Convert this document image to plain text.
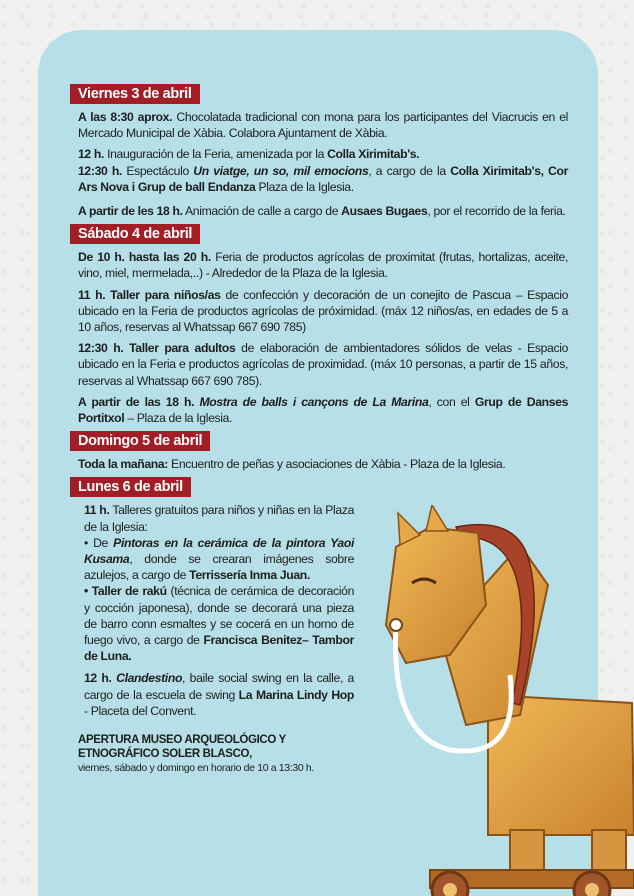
Viernes 3 de abril

A las 8:30 aprox. Chocolatada tradicional con mona para los participantes del Viacrucis en el Mercado Municipal de Xàbia. Colabora Ajuntament de Xàbia.

12 h. Inauguración de la Feria, amenizada por la Colla Xirimitab's.

12:30 h. Espectáculo Un viatge, un so, mil emocions, a cargo de la Colla Xirimitab's, Cor Ars Nova i Grup de ball Endanza Plaza de la Iglesia.

A partir de les 18 h. Animación de calle a cargo de Ausaes Bugaes, por el recorrido de la feria.

Sábado 4 de abril

De 10 h. hasta las 20 h. Feria de productos agrícolas de proximitat (frutas, hortalizas, aceite, vino, miel, mermelada,..) - Alrededor de la Plaza de la Iglesia.

11 h. Taller para niños/as de confección y decoración de un conejito de Pascua – Espacio ubicado en la Feria de productos agrícolas de próximidad. (máx 12 niños/as, en edades de 5 a 10 años, reservas al Whatssap 667 690 785)

12:30 h. Taller para adultos de elaboración de ambientadores sólidos de velas - Espacio ubicado en la Feria e productos agrícolas de proximidad. (máx 10 personas, a partir de 15 años, reservas al Whatssap 667 690 785).

A partir de las 18 h. Mostra de balls i cançons de La Marina, con el Grup de Danses Portitxol – Plaza de la Iglesia.

Domingo 5 de abril

Toda la mañana: Encuentro de peñas y asociaciones de Xàbia - Plaza de la Iglesia.

Lunes 6 de abril

11 h. Talleres gratuitos para niños y niñas en la Plaza de la Iglesia:

• De Pintoras en la cerámica de la pintora Yaoi Kusama, donde se crearan imágenes sobre azulejos, a cargo de Terrissería Inma Juan.

• Taller de rakú (técnica de cerámica de decoración y cocción japonesa), donde se decorará una pieza de barro conn esmaltes y se cocerá en un horno de fuego vivo, a cargo de Francisca Benitez– Tambor de Luna.

12 h. Clandestino, baile social swing en la calle, a cargo de la escuela de swing La Marina Lindy Hop - Placeta del Convent.

APERTURA MUSEO ARQUEOLÓGICO Y
ETNOGRÁFICO SOLER BLASCO,
viernes, sábado y domingo en horario de 10 a 13:30 h.
